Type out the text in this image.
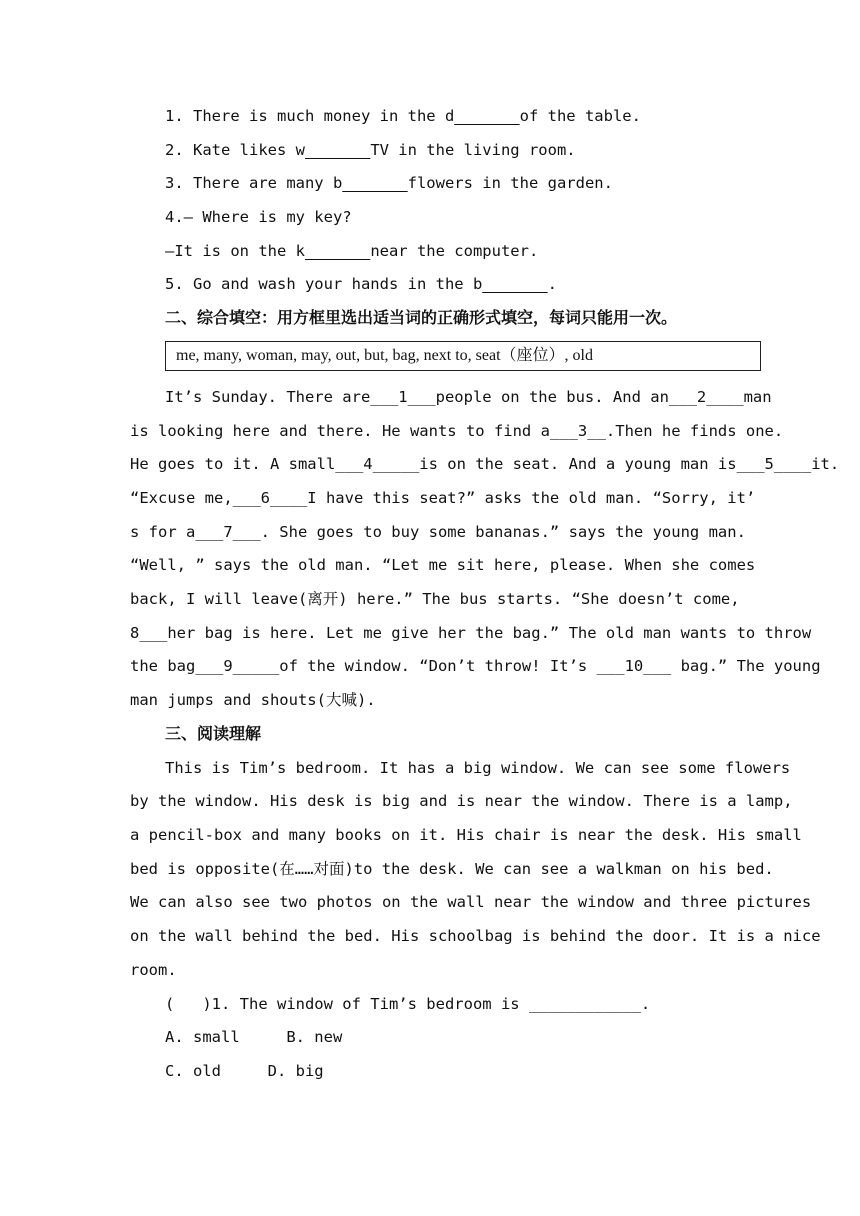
1. There is much money in the d_______of the table.
2. Kate likes w_______TV in the living room.
3. There are many b_______flowers in the garden.
4.— Where is my key?
—It is on the k_______near the computer.
5. Go and wash your hands in the b_______.
二、综合填空：用方框里选出适当词的正确形式填空，每词只能用一次。
me, many, woman, may, out, but, bag, next to, seat（座位）, old
It’s Sunday. There are___1___people on the bus. And an___2____man
is looking here and there. He wants to find a___3__.Then he finds one.
He goes to it. A small___4_____is on the seat. And a young man is___5____it.
“Excuse me,___6____I have this seat?” asks the old man. “Sorry, it’
s for a___7___. She goes to buy some bananas.” says the young man.
“Well, ” says the old man. “Let me sit here, please. When she comes
back, I will leave(离开) here.” The bus starts. “She doesn’t come,
8___her bag is here. Let me give her the bag.” The old man wants to throw
the bag___9_____of the window. “Don’t throw! It’s ___10___ bag.” The young
man jumps and shouts(大喊).
三、阅读理解
This is Tim’s bedroom. It has a big window. We can see some flowers
by the window. His desk is big and is near the window. There is a lamp,
a pencil-box and many books on it. His chair is near the desk. His small
bed is opposite(在……对面)to the desk. We can see a walkman on his bed.
We can also see two photos on the wall near the window and three pictures
on the wall behind the bed. His schoolbag is behind the door. It is a nice
room.
(   )1. The window of Tim’s bedroom is ____________.
A. small     B. new
C. old     D. big
